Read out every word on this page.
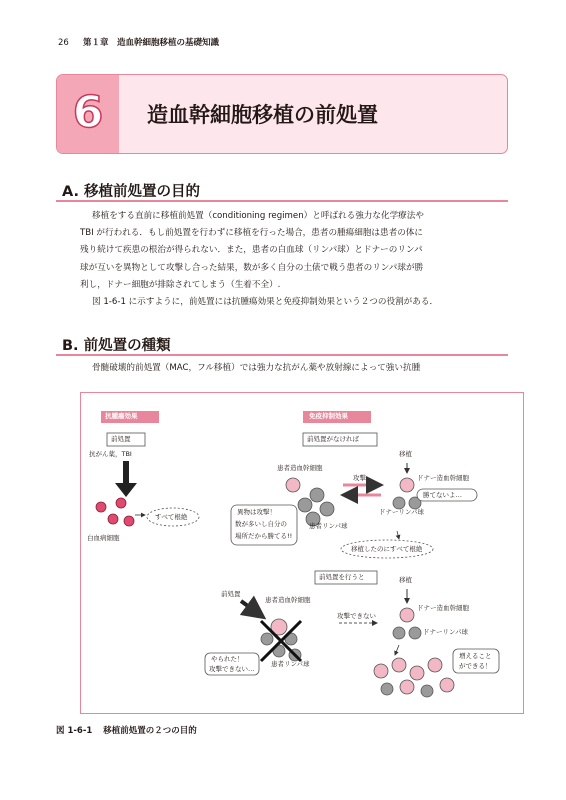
26 第１章　造血幹細胞移植の基礎知識
6	造血幹細胞移植の前処置
A. 移植前処置の目的
移植をする直前に移植前処置（conditioning regimen）と呼ばれる強力な化学療法や
TBI が行われる．もし前処置を行わずに移植を行った場合，患者の腫瘍細胞は患者の体に
残り続けて疾患の根治が得られない．また，患者の白血球（リンパ球）とドナーのリンパ
球が互いを異物として攻撃し合った結果，数が多く自分の土俵で戦う患者のリンパ球が勝
利し，ドナー細胞が排除されてしまう（生着不全）.
図 1-6-1 に示すように，前処置には抗腫瘍効果と免疫抑制効果という２つの役割がある．
B. 前処置の種類
骨髄破壊的前処置（MAC，フル移植）では強力な抗がん薬や放射線によって強い抗腫
抗腫瘍効果
前処置
抗がん薬，TBI
すべて根絶
白血病細胞
免疫抑制効果
前処置がなければ
患者造血幹細胞
攻撃
移植
ドナー造血幹細胞
勝てないよ…
ドナーリンパ球
患者リンパ球
異物は攻撃！
数が多いし自分の
場所だから勝てる!!
移植したのにすべて根絶
前処置を行うと
前処置
患者造血幹細胞
攻撃できない
移植
ドナー造血幹細胞
ドナーリンパ球
やられた！
攻撃できない…
患者リンパ球
増えること
ができる！
図 1-6-1 移植前処置の２つの目的
